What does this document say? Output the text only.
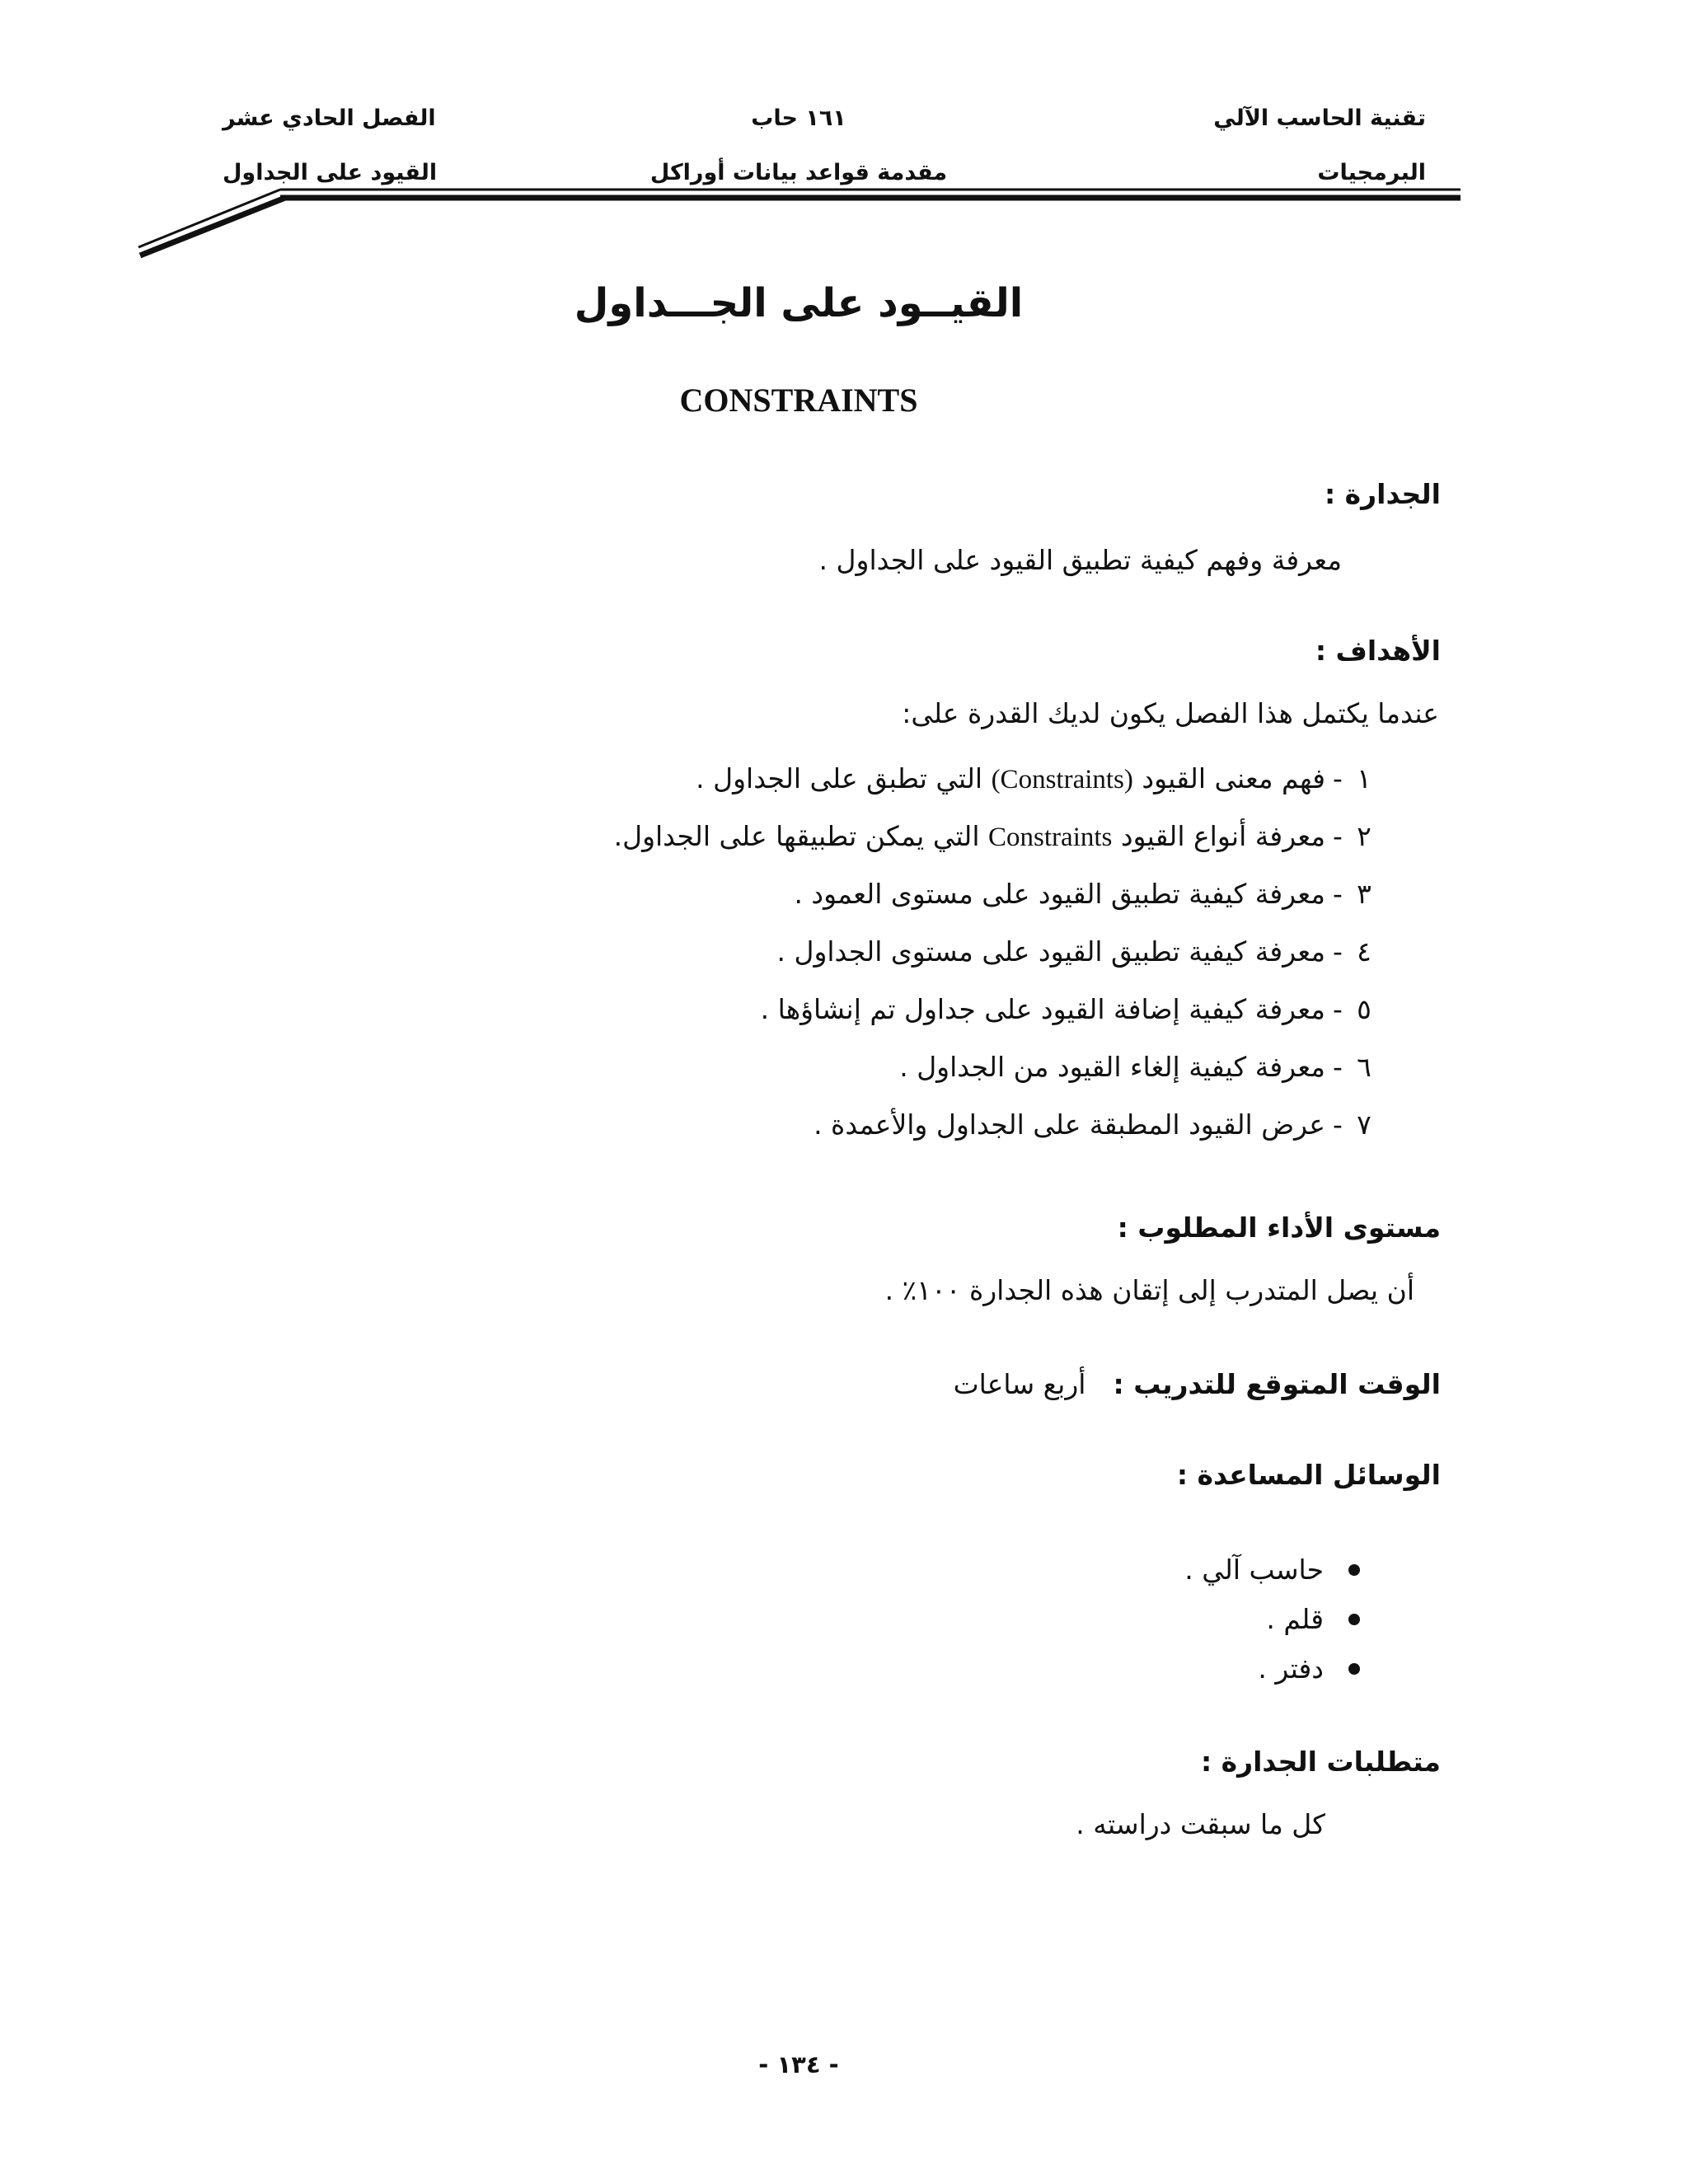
تقنية الحاسب الآلي
١٦١ حاب
الفصل الحادي عشر
البرمجيات
مقدمة قواعد بيانات أوراكل
القيود على الجداول
القيــود على الجـــداول
CONSTRAINTS
الجدارة :
معرفة وفهم كيفية تطبيق القيود على الجداول .
الأهداف :
عندما يكتمل هذا الفصل يكون لديك القدرة على:
١
-
فهم معنى القيود (Constraints) التي تطبق على الجداول .
٢
-
معرفة أنواع القيود Constraints التي يمكن تطبيقها على الجداول.
٣
-
معرفة كيفية تطبيق القيود على مستوى العمود .
٤
-
معرفة كيفية تطبيق القيود على مستوى الجداول .
٥
-
معرفة كيفية إضافة القيود على جداول تم إنشاؤها .
٦
-
معرفة كيفية إلغاء القيود من الجداول .
٧
-
عرض القيود المطبقة على الجداول والأعمدة .
مستوى الأداء المطلوب :
أن يصل المتدرب إلى إتقان هذه الجدارة ١٠٠٪ .
الوقت المتوقع للتدريب : أربع ساعات
الوسائل المساعدة :
حاسب آلي .
قلم .
دفتر .
متطلبات الجدارة :
كل ما سبقت دراسته .
- ١٣٤ -
